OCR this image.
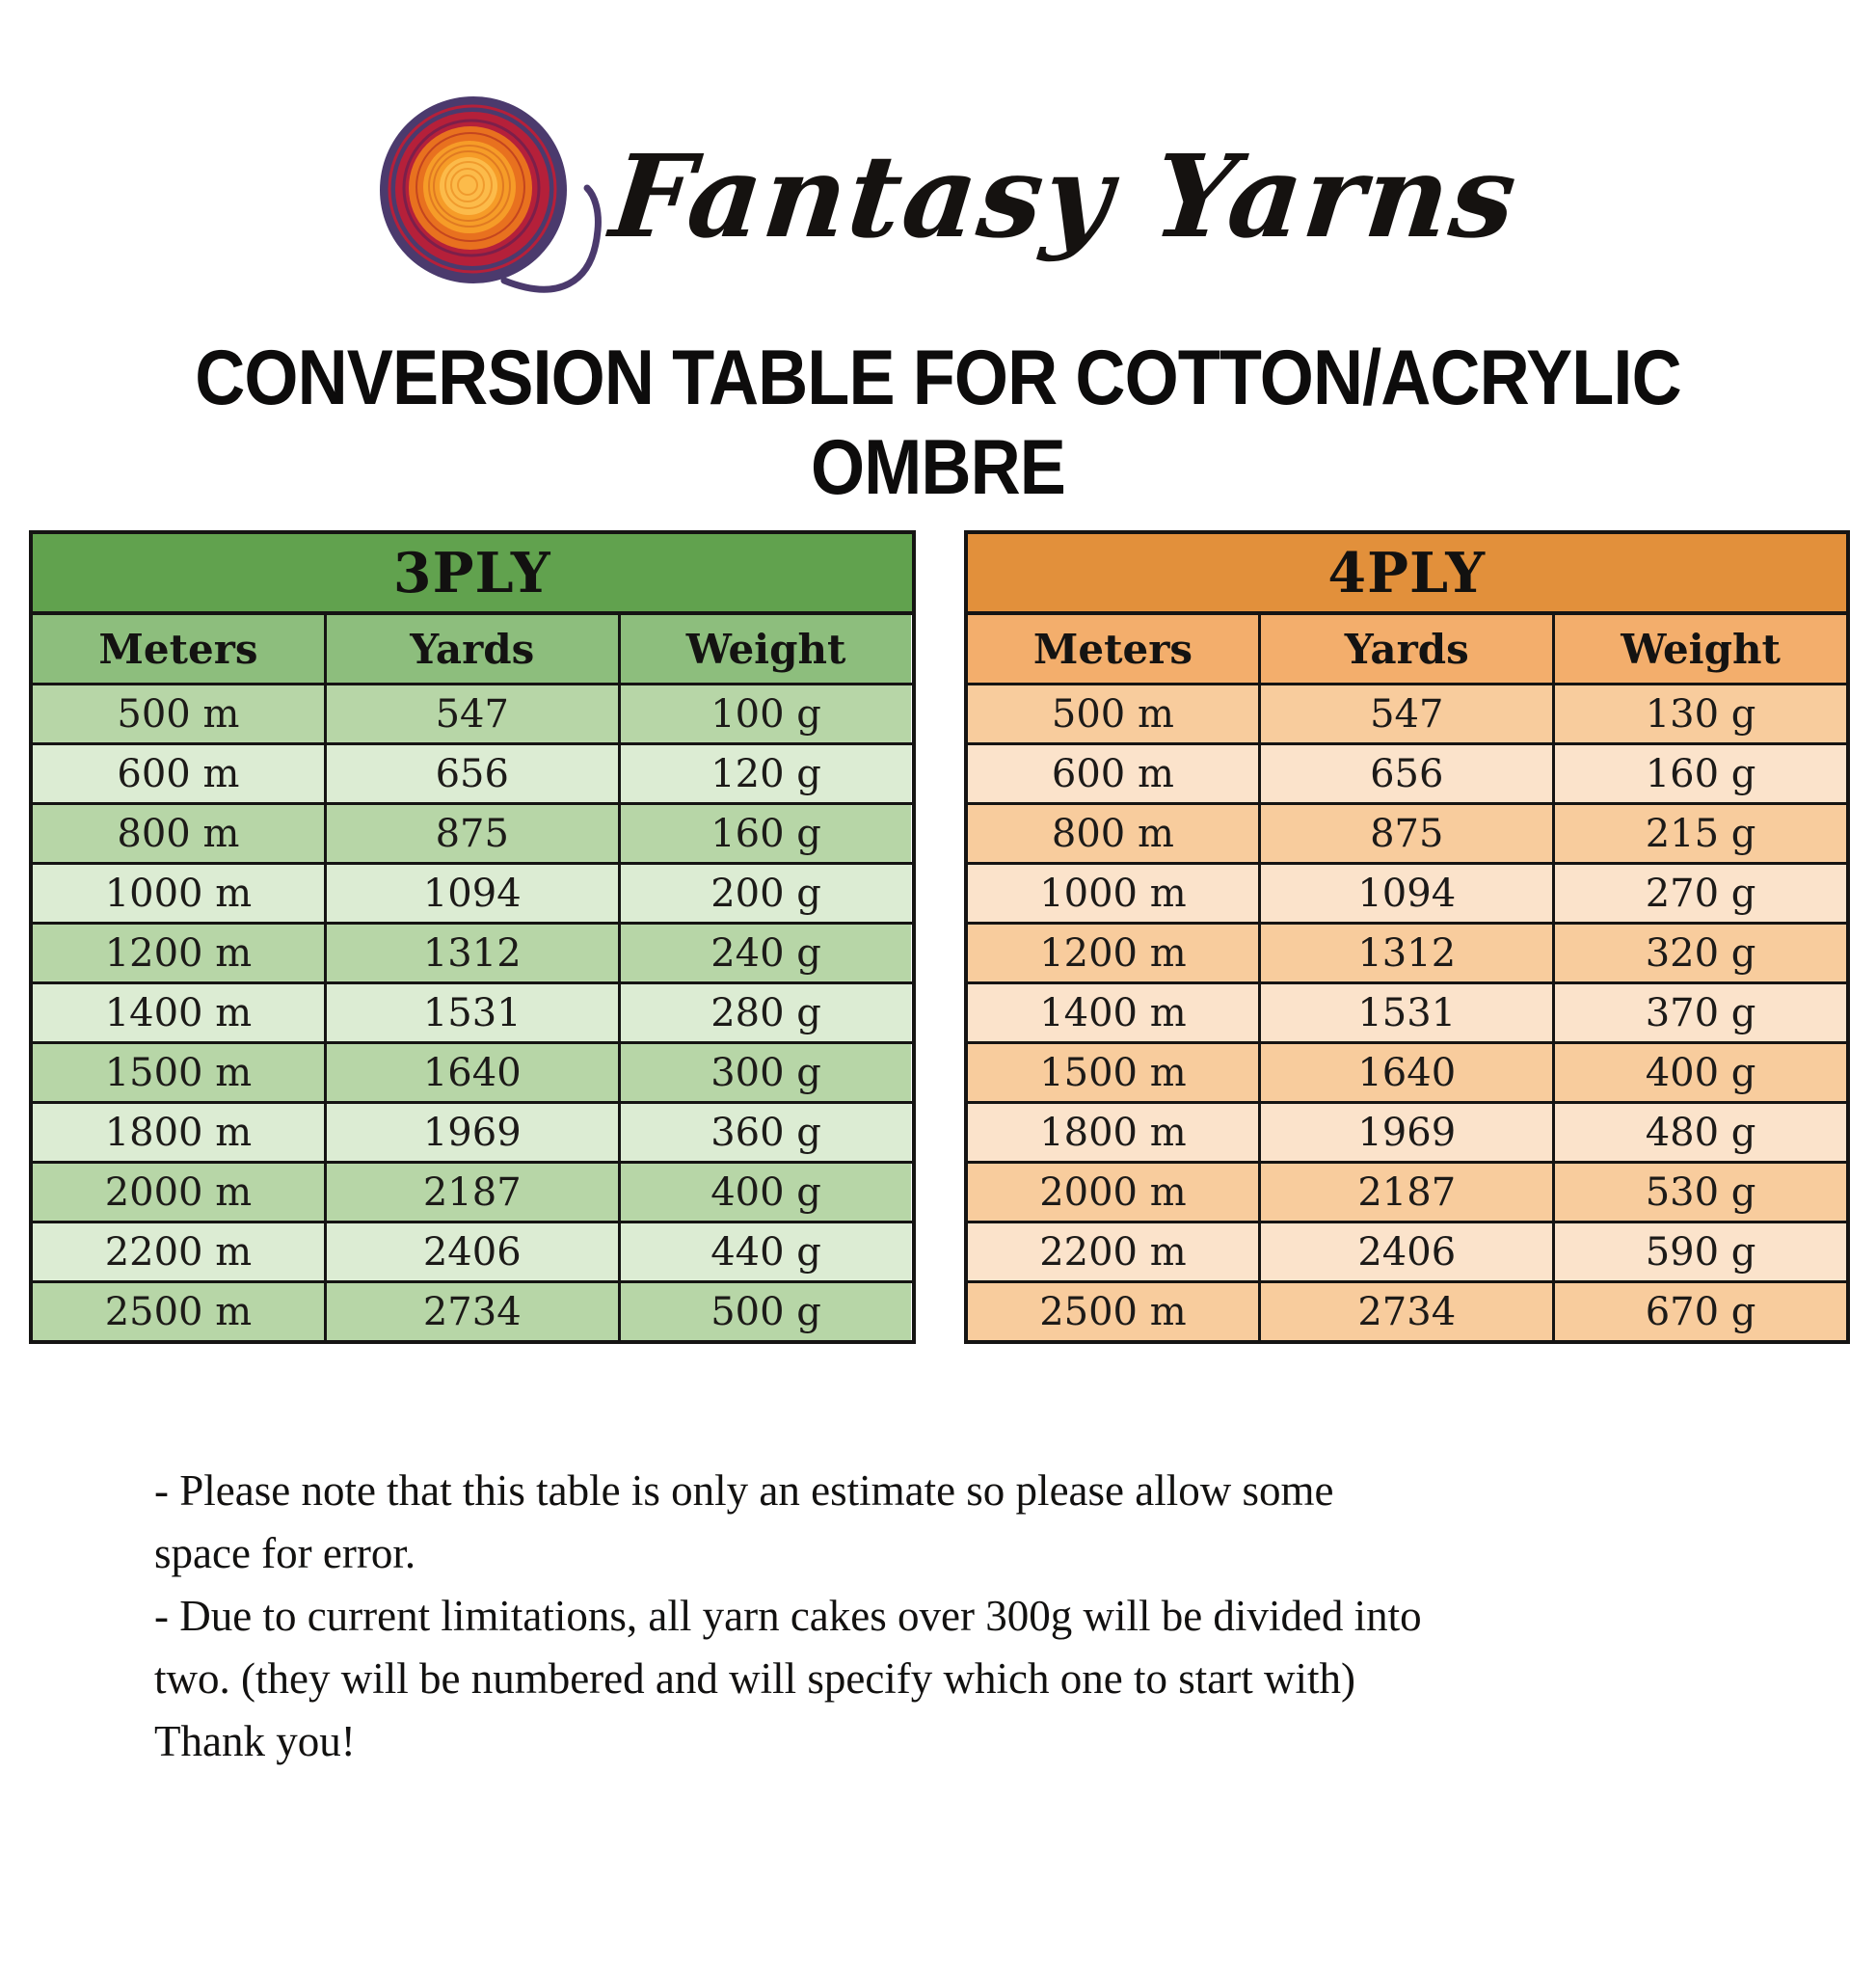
Fantasy Yarns
CONVERSION TABLE FOR COTTON/ACRYLIC
OMBRE
3PLY
Meters	Yards	Weight
500 m	547	100 g
600 m	656	120 g
800 m	875	160 g
1000 m	1094	200 g
1200 m	1312	240 g
1400 m	1531	280 g
1500 m	1640	300 g
1800 m	1969	360 g
2000 m	2187	400 g
2200 m	2406	440 g
2500 m	2734	500 g
4PLY
Meters	Yards	Weight
500 m	547	130 g
600 m	656	160 g
800 m	875	215 g
1000 m	1094	270 g
1200 m	1312	320 g
1400 m	1531	370 g
1500 m	1640	400 g
1800 m	1969	480 g
2000 m	2187	530 g
2200 m	2406	590 g
2500 m	2734	670 g

- Please note that this table is only an estimate so please allow some

space for error.

- Due to current limitations, all yarn cakes over 300g will be divided into

two. (they will be numbered and will specify which one to start with)

Thank you!
